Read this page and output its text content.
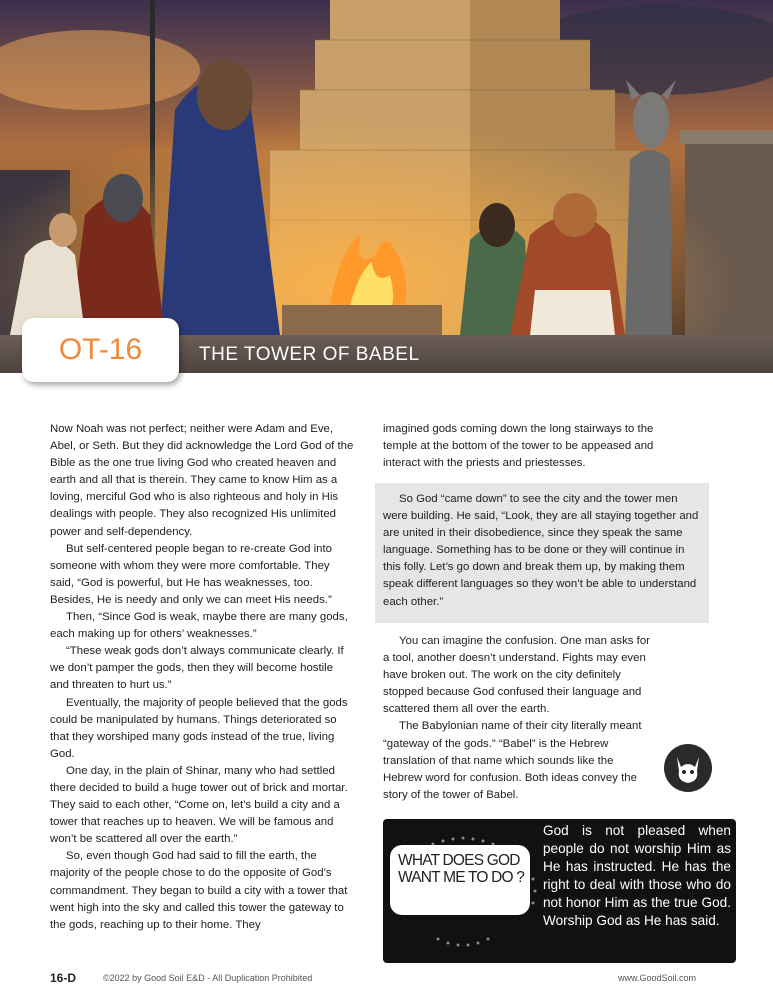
THE TOWER OF BABEL
OT-16

Now Noah was not perfect; neither were Adam and Eve, Abel, or Seth. But they did acknowledge the Lord God of the Bible as the one true living God who created heaven and earth and all that is therein. They came to know Him as a loving, merciful God who is also righteous and holy in His dealings with people. They also recognized His unlimited power and self-dependency.

But self-centered people began to re-create God into someone with whom they were more comfortable. They said, “God is powerful, but He has weaknesses, too. Besides, He is needy and only we can meet His needs.”

Then, “Since God is weak, maybe there are many gods, each making up for others’ weaknesses.”

“These weak gods don’t always communicate clearly. If we don’t pamper the gods, then they will become hostile and threaten to hurt us.”

Eventually, the majority of people believed that the gods could be manipulated by humans. Things deteriorated so that they worshiped many gods instead of the true, living God.

One day, in the plain of Shinar, many who had settled there decided to build a huge tower out of brick and mortar. They said to each other, “Come on, let’s build a city and a tower that reaches up to heaven. We will be famous and won’t be scattered all over the earth.”

So, even though God had said to fill the earth, the majority of the people chose to do the opposite of God’s commandment. They began to build a city with a tower that went high into the sky and called this tower the gateway to the gods, reaching up to their home. They

imagined gods coming down the long stairways to the temple at the bottom of the tower to be appeased and interact with the priests and priestesses.

So God “came down” to see the city and the tower men were building. He said, “Look, they are all staying together and are united in their disobedience, since they speak the same language. Something has to be done or they will continue in this folly. Let’s go down and break them up, by making them speak different languages so they won’t be able to understand each other.”

You can imagine the confusion. One man asks for a tool, another doesn’t understand. Fights may even have broken out. The work on the city definitely stopped because God confused their language and scattered them all over the earth.

The Babylonian name of their city literally meant “gateway of the gods.” “Babel” is the Hebrew translation of that name which sounds like the Hebrew word for confusion. Both ideas convey the story of the tower of Babel.

WHAT DOES GOD WANT ME TO DO ?
God is not pleased when people do not worship Him as He has instructed. He has the right to deal with those who do not honor Him as the true God. Worship God as He has said.
16-D	©2022 by Good Soil E&D - All Duplication Prohibited	www.GoodSoil.com
